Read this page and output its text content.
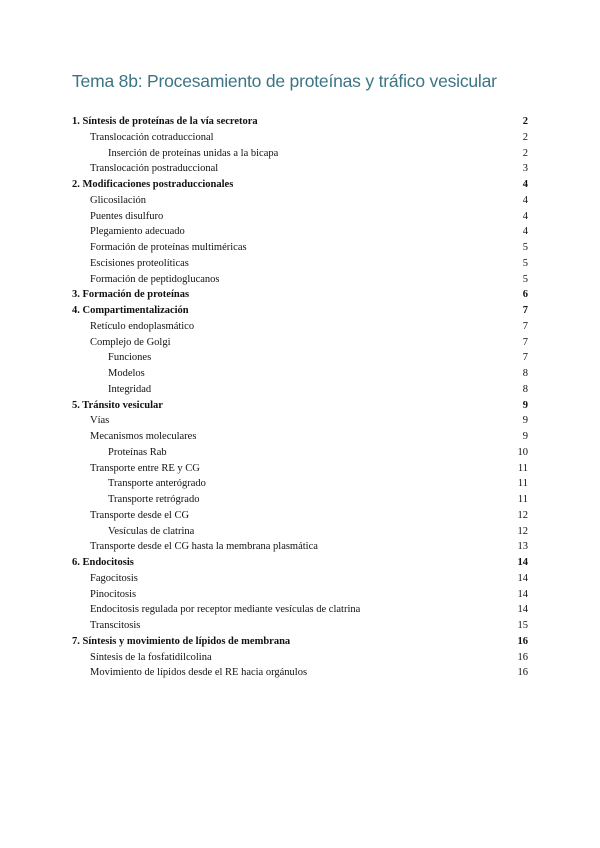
Tema 8b: Procesamiento de proteínas y tráfico vesicular
1. Síntesis de proteínas de la vía secretora	2
Translocación cotraduccional	2
Inserción de proteínas unidas a la bicapa	2
Translocación postraduccional	3
2. Modificaciones postraduccionales	4
Glicosilación	4
Puentes disulfuro	4
Plegamiento adecuado	4
Formación de proteínas multiméricas	5
Escisiones proteolíticas	5
Formación de peptidoglucanos	5
3. Formación de proteínas	6
4. Compartimentalización	7
Retículo endoplasmático	7
Complejo de Golgi	7
Funciones	7
Modelos	8
Integridad	8
5. Tránsito vesicular	9
Vías	9
Mecanismos moleculares	9
Proteínas Rab	10
Transporte entre RE y CG	11
Transporte anterógrado	11
Transporte retrógrado	11
Transporte desde el CG	12
Vesículas de clatrina	12
Transporte desde el CG hasta la membrana plasmática	13
6. Endocitosis	14
Fagocitosis	14
Pinocitosis	14
Endocitosis regulada por receptor mediante vesículas de clatrina	14
Transcitosis	15
7. Síntesis y movimiento de lípidos de membrana	16
Síntesis de la fosfatidilcolina	16
Movimiento de lípidos desde el RE hacia orgánulos	16
